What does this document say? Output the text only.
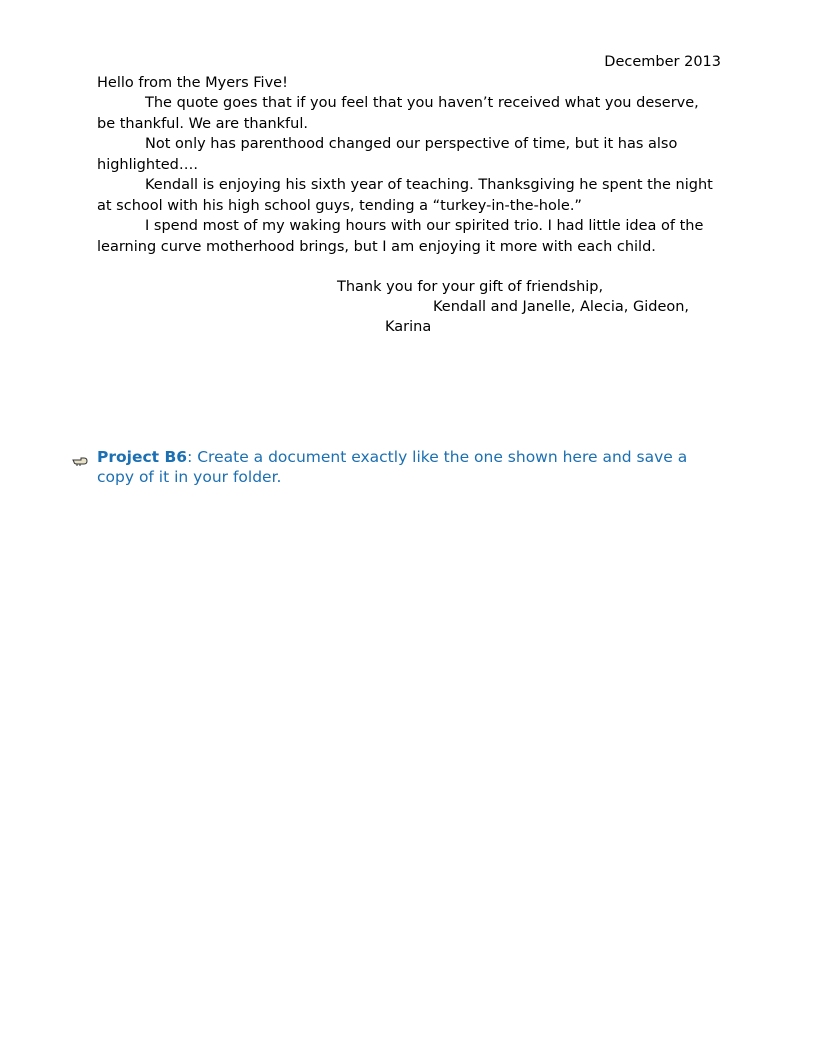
December 2013

Hello from the Myers Five!

The quote goes that if you feel that you haven’t received what you deserve, be thankful. We are thankful.

Not only has parenthood changed our perspective of time, but it has also highlighted….

Kendall is enjoying his sixth year of teaching. Thanksgiving he spent the night at school with his high school guys, tending a “turkey-in-the-hole.”

I spend most of my waking hours with our spirited trio. I had little idea of the learning curve motherhood brings, but I am enjoying it more with each child.

Thank you for your gift of friendship,

Kendall and Janelle, Alecia, Gideon,

Karina

Project B6: Create a document exactly like the one shown here and save a copy of it in your folder.
